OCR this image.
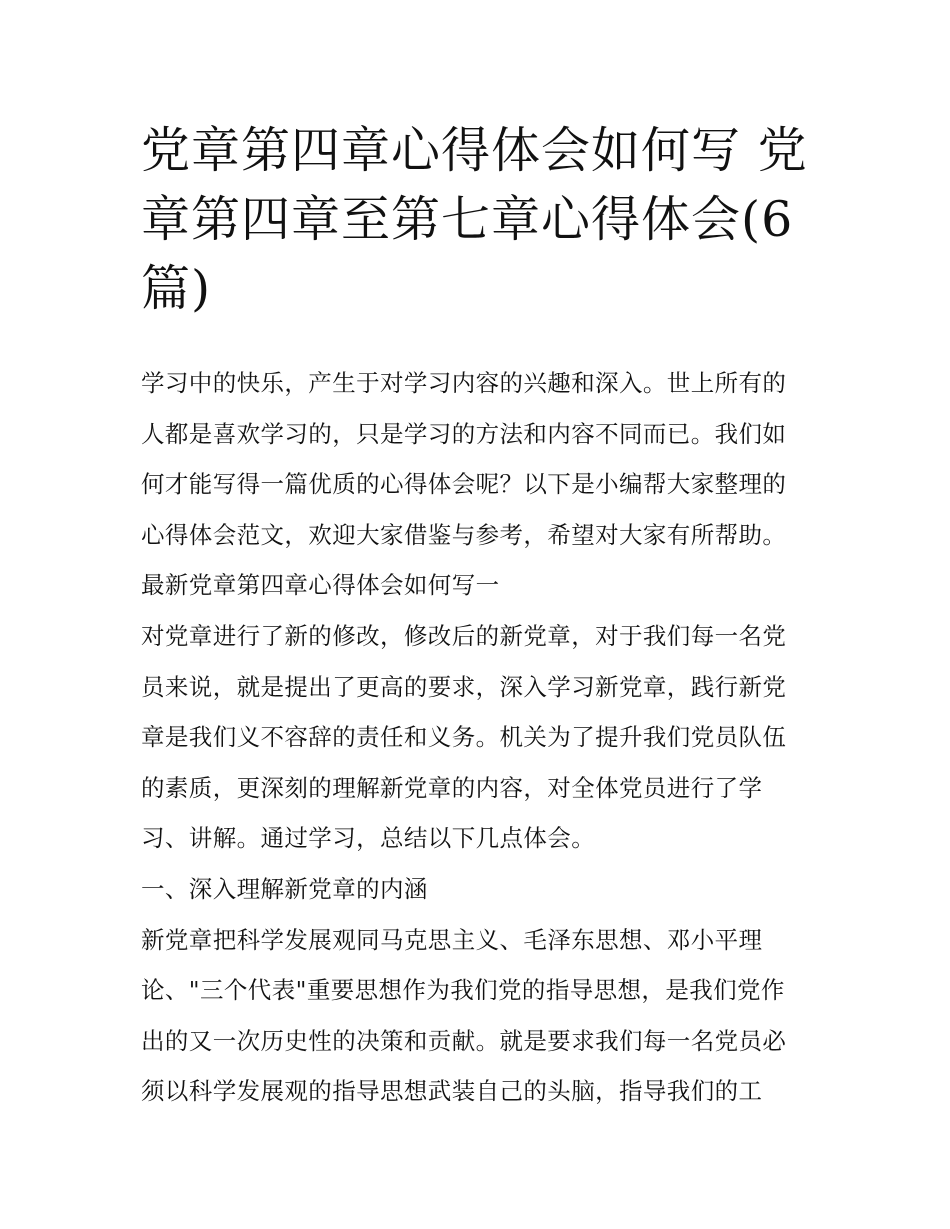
党章第四章心得体会如何写 党
章第四章至第七章心得体会(6
篇)
学习中的快乐，产生于对学习内容的兴趣和深入。世上所有的
人都是喜欢学习的，只是学习的方法和内容不同而已。我们如
何才能写得一篇优质的心得体会呢？以下是小编帮大家整理的
心得体会范文，欢迎大家借鉴与参考，希望对大家有所帮助。
最新党章第四章心得体会如何写一
对党章进行了新的修改，修改后的新党章，对于我们每一名党
员来说，就是提出了更高的要求，深入学习新党章，践行新党
章是我们义不容辞的责任和义务。机关为了提升我们党员队伍
的素质，更深刻的理解新党章的内容，对全体党员进行了学
习、讲解。通过学习，总结以下几点体会。
一、深入理解新党章的内涵
新党章把科学发展观同马克思主义、毛泽东思想、邓小平理
论、"三个代表"重要思想作为我们党的指导思想，是我们党作
出的又一次历史性的决策和贡献。就是要求我们每一名党员必
须以科学发展观的指导思想武装自己的头脑，指导我们的工
